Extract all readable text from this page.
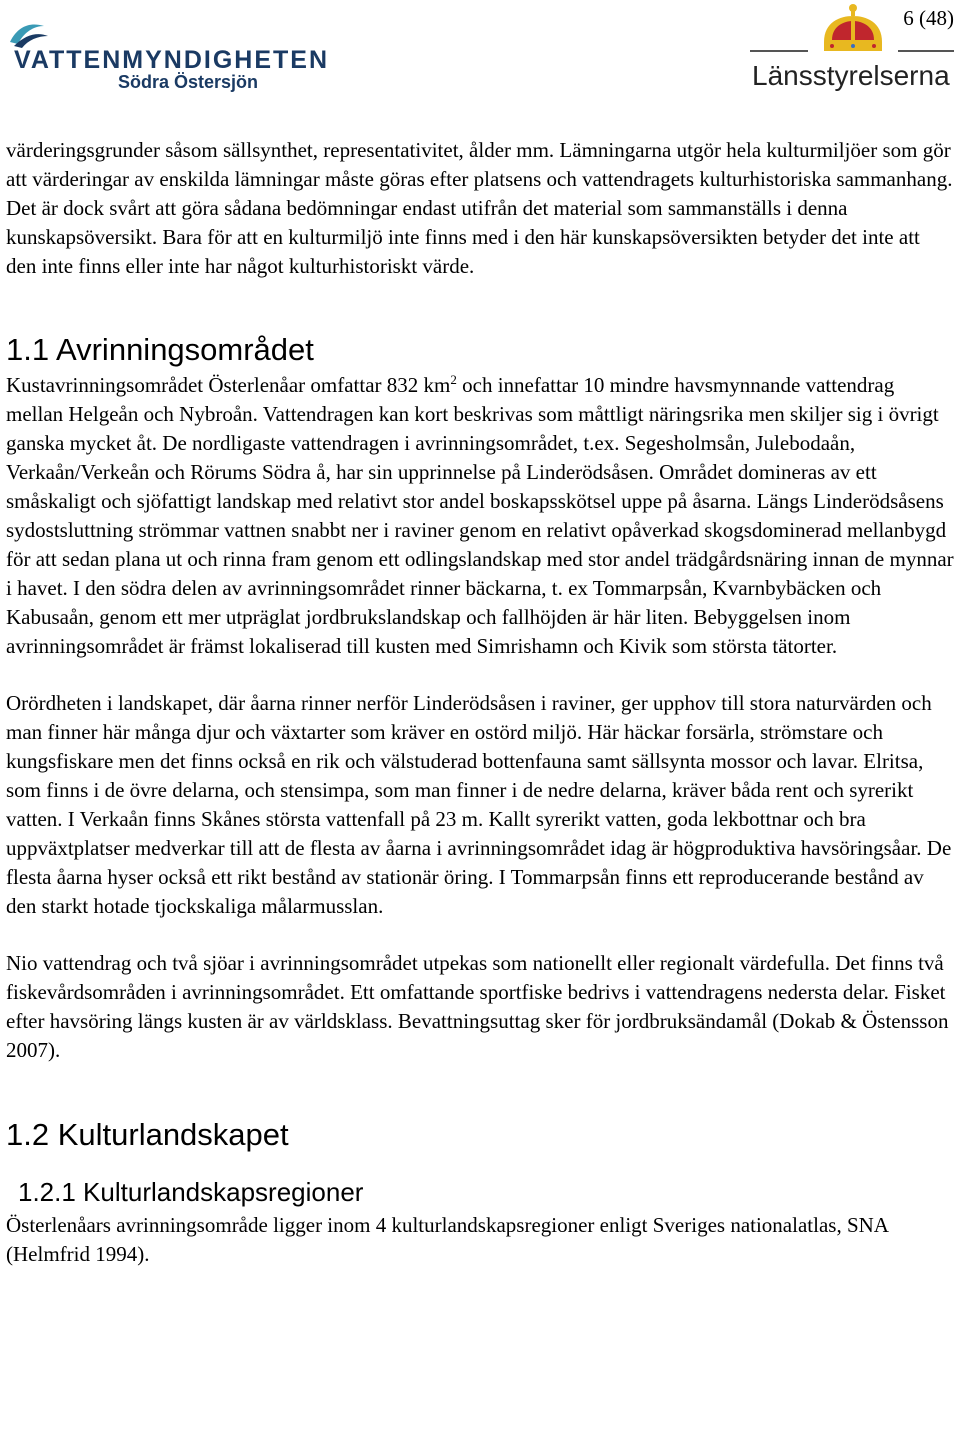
VATTENMYNDIGHETEN
Södra Östersjön
6 (48)
Länsstyrelserna

värderingsgrunder såsom sällsynthet, representativitet, ålder mm. Lämningarna utgör hela kulturmiljöer som gör att värderingar av enskilda lämningar måste göras efter platsens och vattendragets kulturhistoriska sammanhang. Det är dock svårt att göra sådana bedömningar endast utifrån det material som sammanställs i denna kunskapsöversikt. Bara för att en kulturmiljö inte finns med i den här kunskapsöversikten betyder det inte att den inte finns eller inte har något kulturhistoriskt värde.

1.1 Avrinningsområdet

Kustavrinningsområdet Österlenåar omfattar 832 $km^2$ och innefattar 10 mindre havsmynnande vattendrag mellan Helgeån och Nybroån. Vattendragen kan kort beskrivas som måttligt näringsrika men skiljer sig i övrigt ganska mycket åt. De nordligaste vattendragen i avrinningsområdet, t.ex. Segesholmsån, Julebodaån, Verkaån/Verkeån och Rörums Södra å, har sin upprinnelse på Linderödsåsen. Området domineras av ett småskaligt och sjöfattigt landskap med relativt stor andel boskapsskötsel uppe på åsarna. Längs Linderödsåsens sydostsluttning strömmar vattnen snabbt ner i raviner genom en relativt opåverkad skogsdominerad mellanbygd för att sedan plana ut och rinna fram genom ett odlingslandskap med stor andel trädgårdsnäring innan de mynnar i havet. I den södra delen av avrinningsområdet rinner bäckarna, t. ex Tommarpsån, Kvarnbybäcken och Kabusaån, genom ett mer utpräglat jordbrukslandskap och fallhöjden är här liten. Bebyggelsen inom avrinningsområdet är främst lokaliserad till kusten med Simrishamn och Kivik som största tätorter.

Orördheten i landskapet, där åarna rinner nerför Linderödsåsen i raviner, ger upphov till stora naturvärden och man finner här många djur och växtarter som kräver en ostörd miljö. Här häckar forsärla, strömstare och kungsfiskare men det finns också en rik och välstuderad bottenfauna samt sällsynta mossor och lavar. Elritsa, som finns i de övre delarna, och stensimpa, som man finner i de nedre delarna, kräver båda rent och syrerikt vatten. I Verkaån finns Skånes största vattenfall på 23 m. Kallt syrerikt vatten, goda lekbottnar och bra uppväxtplatser medverkar till att de flesta av åarna i avrinningsområdet idag är högproduktiva havsöringsåar. De flesta åarna hyser också ett rikt bestånd av stationär öring. I Tommarpsån finns ett reproducerande bestånd av den starkt hotade tjockskaliga målarmusslan.

Nio vattendrag och två sjöar i avrinningsområdet utpekas som nationellt eller regionalt värdefulla. Det finns två fiskevårdsområden i avrinningsområdet. Ett omfattande sportfiske bedrivs i vattendragens nedersta delar. Fisket efter havsöring längs kusten är av världsklass. Bevattningsuttag sker för jordbruksändamål (Dokab & Östensson 2007).

1.2 Kulturlandskapet
1.2.1 Kulturlandskapsregioner

Österlenåars avrinningsområde ligger inom 4 kulturlandskapsregioner enligt Sveriges nationalatlas, SNA (Helmfrid 1994).
